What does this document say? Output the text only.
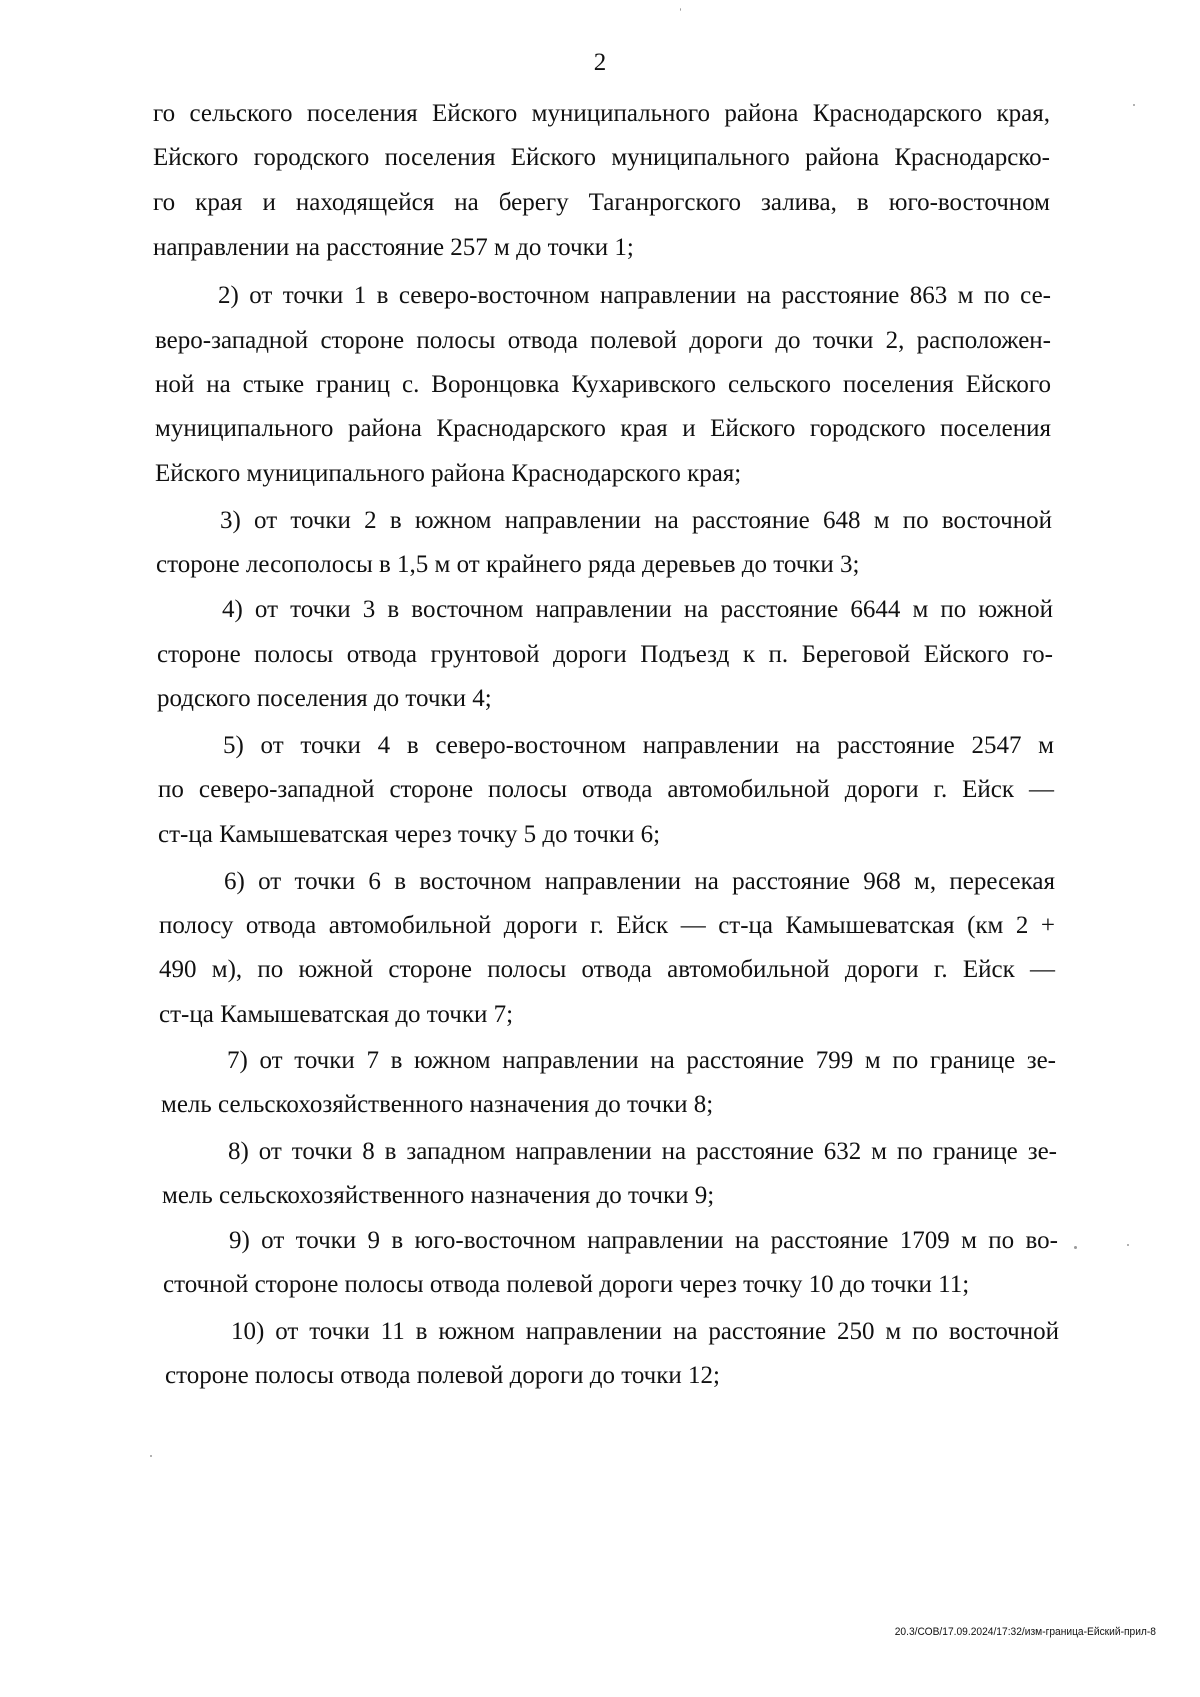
2
го сельского поселения Ейского муниципального района Краснодарского края,
Ейского городского поселения Ейского муниципального района Краснодарско-
го края и находящейся на берегу Таганрогского залива, в юго-восточном
направлении на расстояние 257 м до точки 1;
2) от точки 1 в северо-восточном направлении на расстояние 863 м по се-
веро-западной стороне полосы отвода полевой дороги до точки 2, расположен-
ной на стыке границ с. Воронцовка Кухаривского сельского поселения Ейского
муниципального района Краснодарского края и Ейского городского поселения
Ейского муниципального района Краснодарского края;
3) от точки 2 в южном направлении на расстояние 648 м по восточной
стороне лесополосы в 1,5 м от крайнего ряда деревьев до точки 3;
4) от точки 3 в восточном направлении на расстояние 6644 м по южной
стороне полосы отвода грунтовой дороги Подъезд к п. Береговой Ейского го-
родского поселения до точки 4;
5) от точки 4 в северо-восточном направлении на расстояние 2547 м
по северо-западной стороне полосы отвода автомобильной дороги г. Ейск —
ст-ца Камышеватская через точку 5 до точки 6;
6) от точки 6 в восточном направлении на расстояние 968 м, пересекая
полосу отвода автомобильной дороги г. Ейск — ст-ца Камышеватская (км 2 +
490 м), по южной стороне полосы отвода автомобильной дороги г. Ейск —
ст-ца Камышеватская до точки 7;
7) от точки 7 в южном направлении на расстояние 799 м по границе зе-
мель сельскохозяйственного назначения до точки 8;
8) от точки 8 в западном направлении на расстояние 632 м по границе зе-
мель сельскохозяйственного назначения до точки 9;
9) от точки 9 в юго-восточном направлении на расстояние 1709 м по во-
сточной стороне полосы отвода полевой дороги через точку 10 до точки 11;
10) от точки 11 в южном направлении на расстояние 250 м по восточной
стороне полосы отвода полевой дороги до точки 12;
20.3/СОВ/17.09.2024/17:32/изм-граница-Ейский-прил-8
